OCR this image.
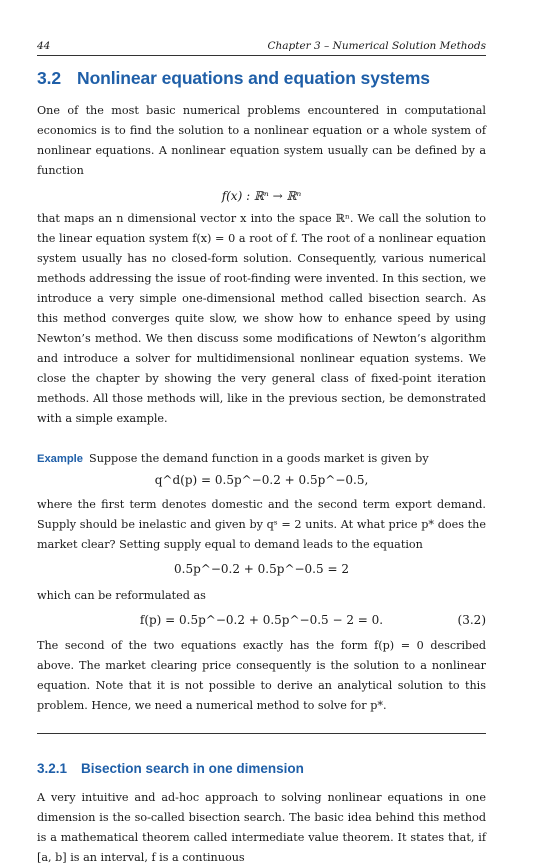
44	Chapter 3 – Numerical Solution Methods
3.2 Nonlinear equations and equation systems

One of the most basic numerical problems encountered in computational economics is to find the solution to a nonlinear equation or a whole system of nonlinear equations. A nonlinear equation system usually can be defined by a function

f(x) : ℝⁿ → ℝⁿ

that maps an n dimensional vector x into the space ℝⁿ. We call the solution to the linear equation system f(x) = 0 a root of f. The root of a nonlinear equation system usually has no closed-form solution. Consequently, various numerical methods addressing the issue of root-finding were invented. In this section, we introduce a very simple one-dimensional method called bisection search. As this method converges quite slow, we show how to enhance speed by using Newton’s method. We then discuss some modifications of Newton’s algorithm and introduce a solver for multidimensional nonlinear equation systems. We close the chapter by showing the very general class of fixed-point iteration methods. All those methods will, like in the previous section, be demonstrated with a simple example.

Example Suppose the demand function in a goods market is given by

q^d(p) = 0.5p^−0.2 + 0.5p^−0.5,

where the first term denotes domestic and the second term export demand. Supply should be inelastic and given by qˢ = 2 units. At what price p* does the market clear? Setting supply equal to demand leads to the equation

0.5p^−0.2 + 0.5p^−0.5 = 2

which can be reformulated as

f(p) = 0.5p^−0.2 + 0.5p^−0.5 − 2 = 0.	(3.2)

The second of the two equations exactly has the form f(p) = 0 described above. The market clearing price consequently is the solution to a nonlinear equation. Note that it is not possible to derive an analytical solution to this problem. Hence, we need a numerical method to solve for p*.

3.2.1 Bisection search in one dimension

A very intuitive and ad-hoc approach to solving nonlinear equations in one dimension is the so-called bisection search. The basic idea behind this method is a mathematical theorem called intermediate value theorem. It states that, if [a, b] is an interval, f is a continuous
